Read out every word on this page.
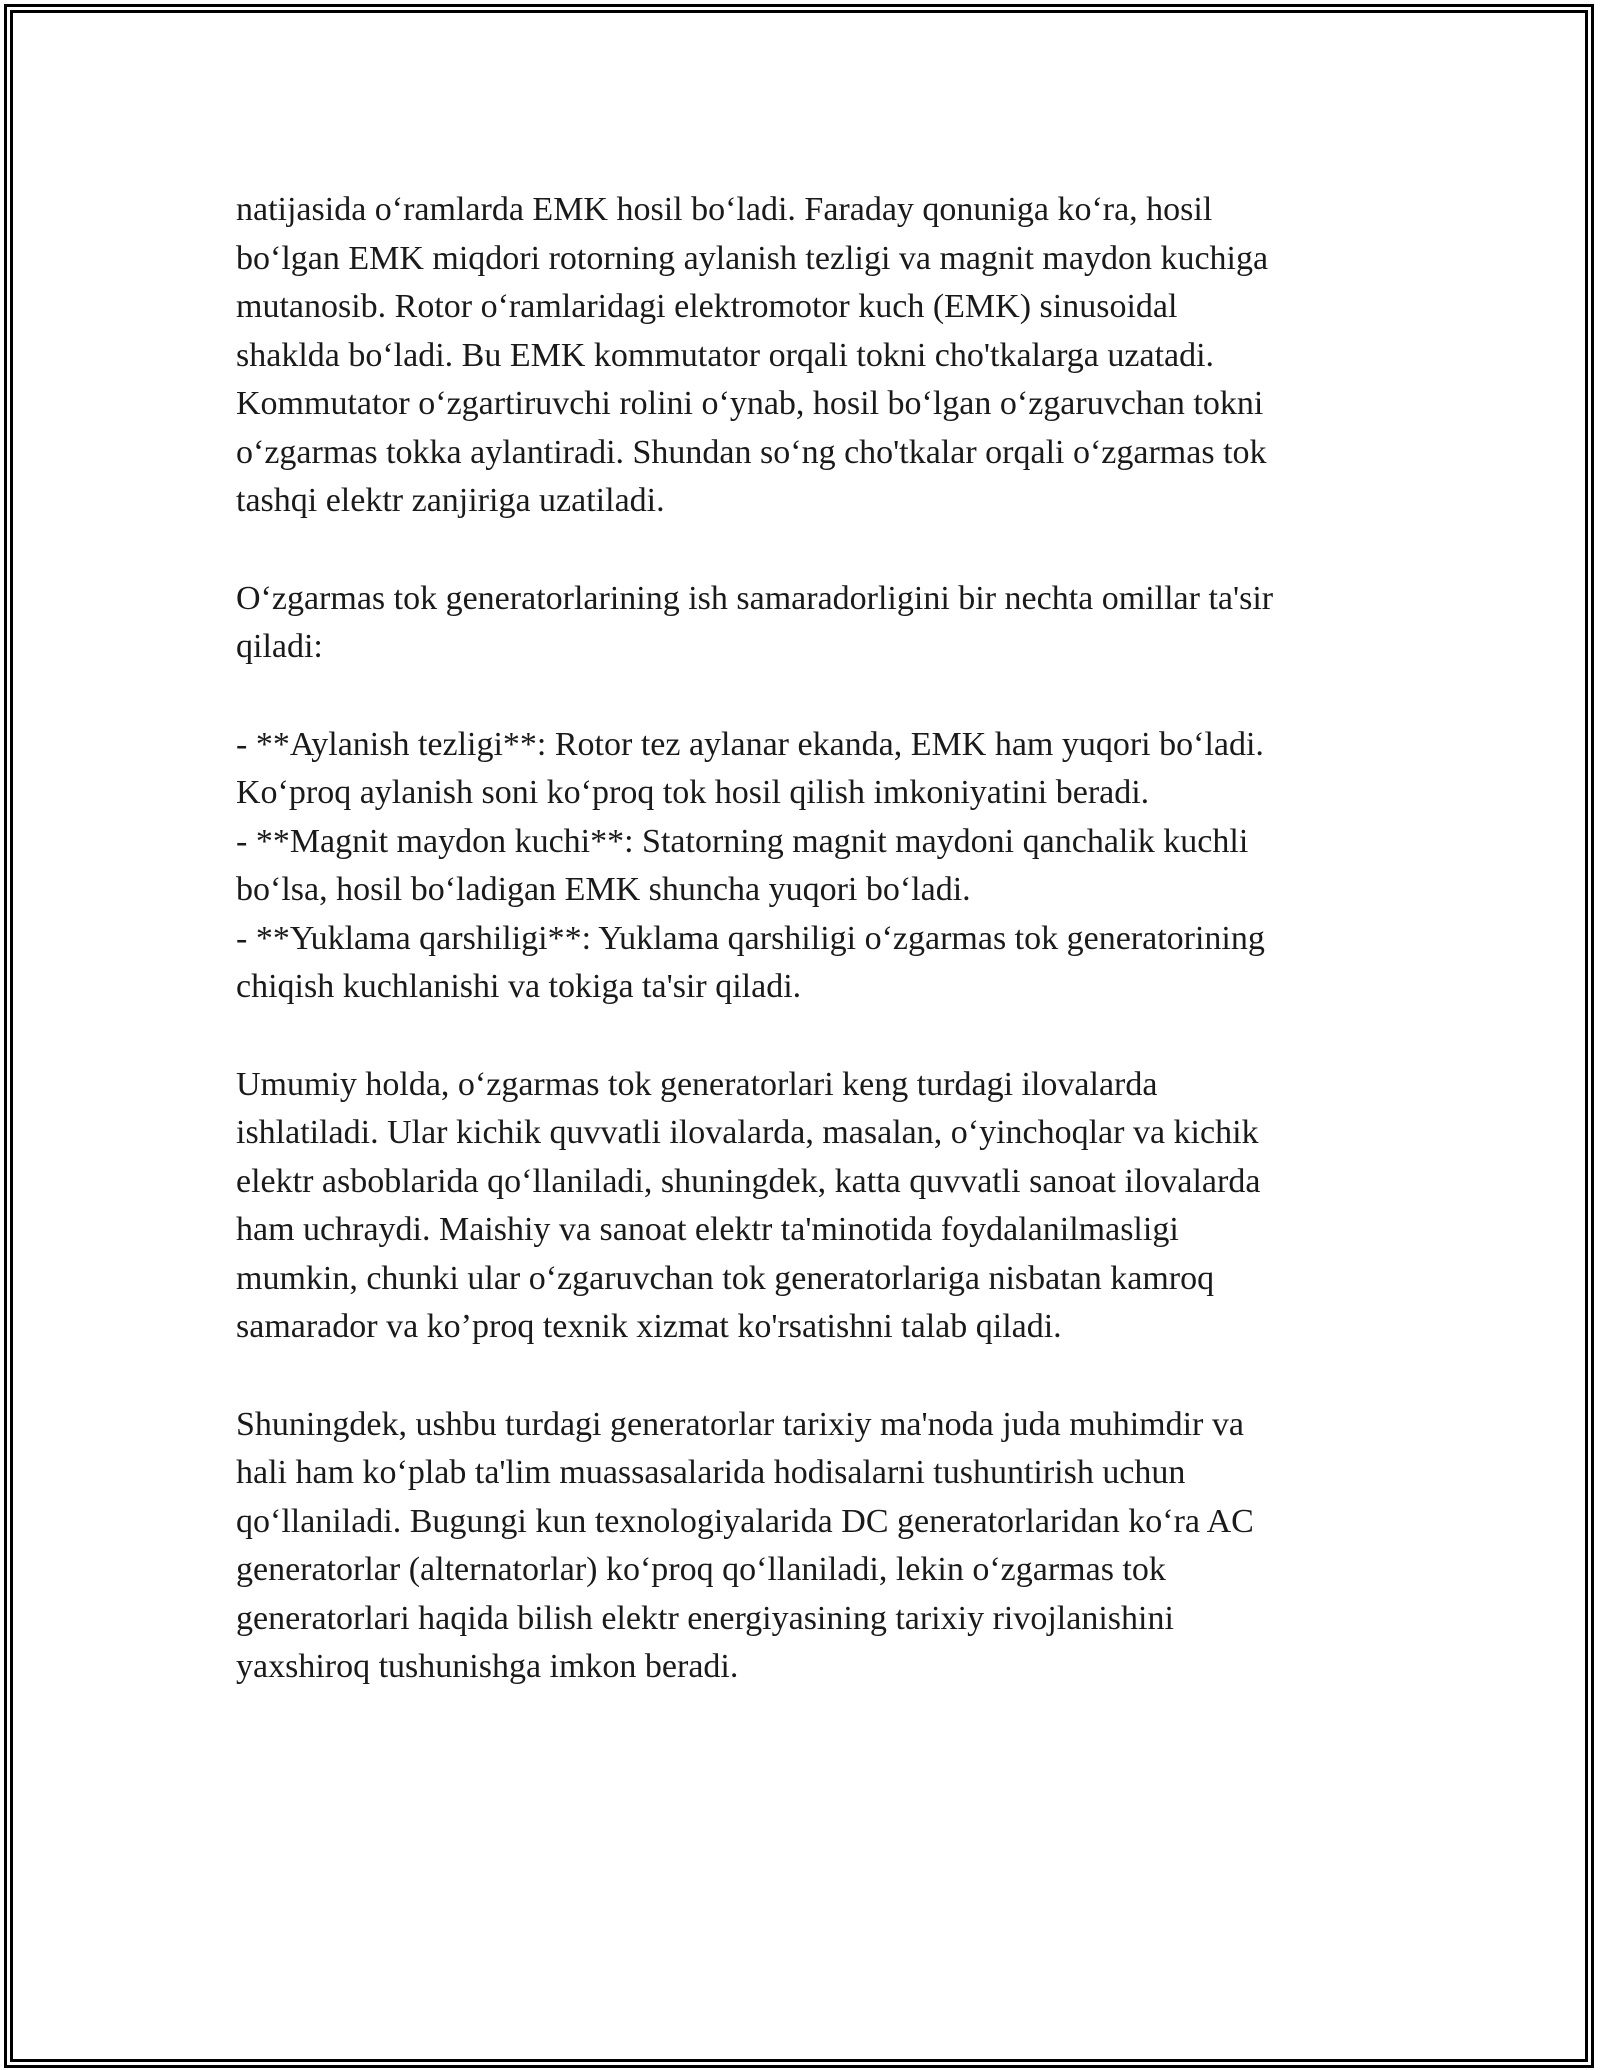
natijasida o‘ramlarda EMK hosil bo‘ladi. Faraday qonuniga ko‘ra, hosil
bo‘lgan EMK miqdori rotorning aylanish tezligi va magnit maydon kuchiga
mutanosib. Rotor o‘ramlaridagi elektromotor kuch (EMK) sinusoidal
shaklda bo‘ladi. Bu EMK kommutator orqali tokni cho'tkalarga uzatadi.
Kommutator o‘zgartiruvchi rolini o‘ynab, hosil bo‘lgan o‘zgaruvchan tokni
o‘zgarmas tokka aylantiradi. Shundan so‘ng cho'tkalar orqali o‘zgarmas tok
tashqi elektr zanjiriga uzatiladi.

O‘zgarmas tok generatorlarining ish samaradorligini bir nechta omillar ta'sir
qiladi:

- **Aylanish tezligi**: Rotor tez aylanar ekanda, EMK ham yuqori bo‘ladi.
Ko‘proq aylanish soni ko‘proq tok hosil qilish imkoniyatini beradi.

- **Magnit maydon kuchi**: Statorning magnit maydoni qanchalik kuchli
bo‘lsa, hosil bo‘ladigan EMK shuncha yuqori bo‘ladi.

- **Yuklama qarshiligi**: Yuklama qarshiligi o‘zgarmas tok generatorining
chiqish kuchlanishi va tokiga ta'sir qiladi.

Umumiy holda, o‘zgarmas tok generatorlari keng turdagi ilovalarda
ishlatiladi. Ular kichik quvvatli ilovalarda, masalan, o‘yinchoqlar va kichik
elektr asboblarida qo‘llaniladi, shuningdek, katta quvvatli sanoat ilovalarda
ham uchraydi. Maishiy va sanoat elektr ta'minotida foydalanilmasligi
mumkin, chunki ular o‘zgaruvchan tok generatorlariga nisbatan kamroq
samarador va ko’proq texnik xizmat ko'rsatishni talab qiladi.

Shuningdek, ushbu turdagi generatorlar tarixiy ma'noda juda muhimdir va
hali ham ko‘plab ta'lim muassasalarida hodisalarni tushuntirish uchun
qo‘llaniladi. Bugungi kun texnologiyalarida DC generatorlaridan ko‘ra AC
generatorlar (alternatorlar) ko‘proq qo‘llaniladi, lekin o‘zgarmas tok
generatorlari haqida bilish elektr energiyasining tarixiy rivojlanishini
yaxshiroq tushunishga imkon beradi.
